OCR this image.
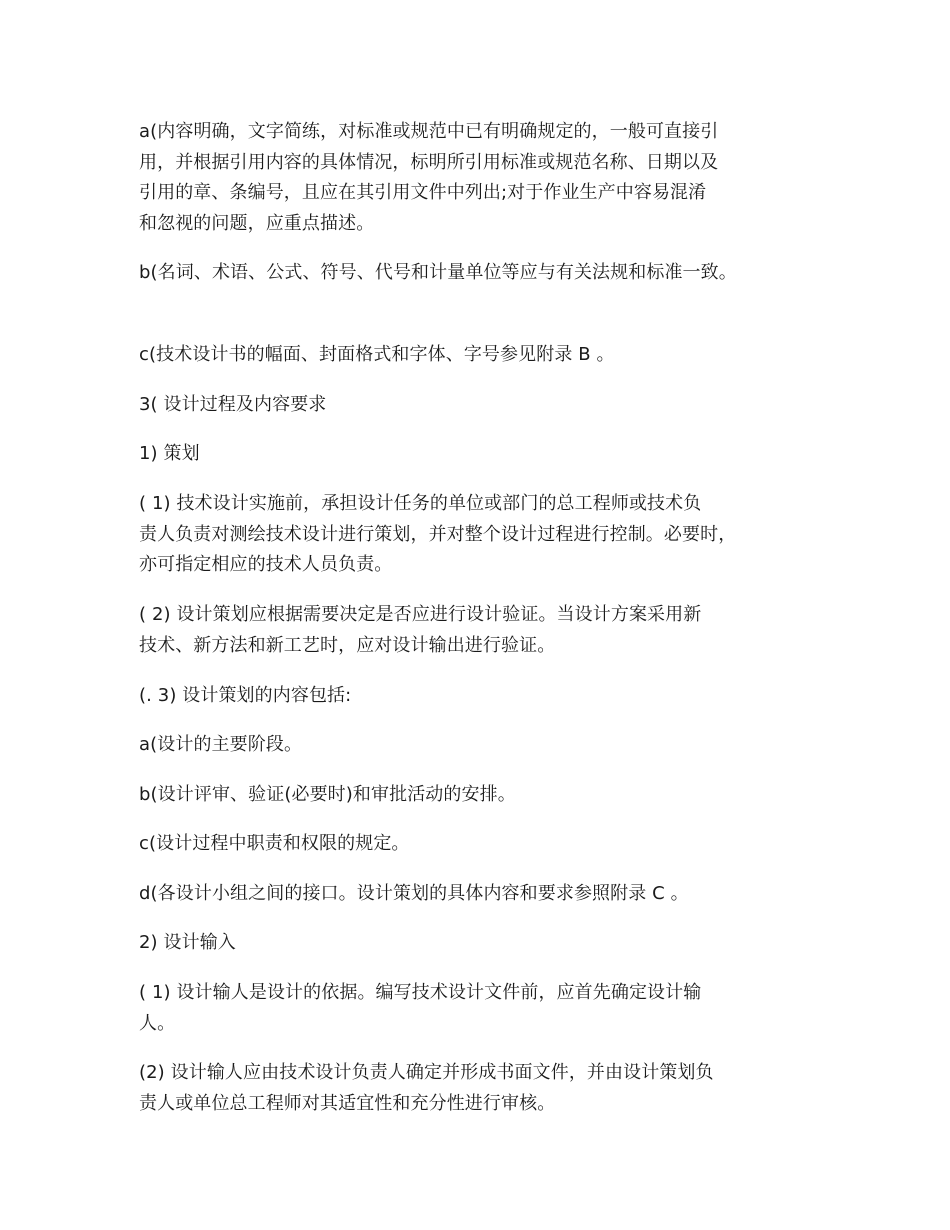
a(内容明确，文字简练，对标准或规范中已有明确规定的，一般可直接引
用，并根据引用内容的具体情况，标明所引用标准或规范名称、日期以及
引用的章、条编号，且应在其引用文件中列出;对于作业生产中容易混淆
和忽视的问题，应重点描述。

b(名词、术语、公式、符号、代号和计量单位等应与有关法规和标准一致。

c(技术设计书的幅面、封面格式和字体、字号参见附录 B 。

3( 设计过程及内容要求

1) 策划

( 1) 技术设计实施前，承担设计任务的单位或部门的总工程师或技术负
责人负责对测绘技术设计进行策划，并对整个设计过程进行控制。必要时，
亦可指定相应的技术人员负责。

( 2) 设计策划应根据需要决定是否应进行设计验证。当设计方案采用新
技术、新方法和新工艺时，应对设计输出进行验证。

(. 3) 设计策划的内容包括:

a(设计的主要阶段。

b(设计评审、验证(必要时)和审批活动的安排。

c(设计过程中职责和权限的规定。

d(各设计小组之间的接口。设计策划的具体内容和要求参照附录 C 。

2) 设计输入

( 1) 设计输人是设计的依据。编写技术设计文件前，应首先确定设计输
人。

(2) 设计输人应由技术设计负责人确定并形成书面文件，并由设计策划负
责人或单位总工程师对其适宜性和充分性进行审核。
